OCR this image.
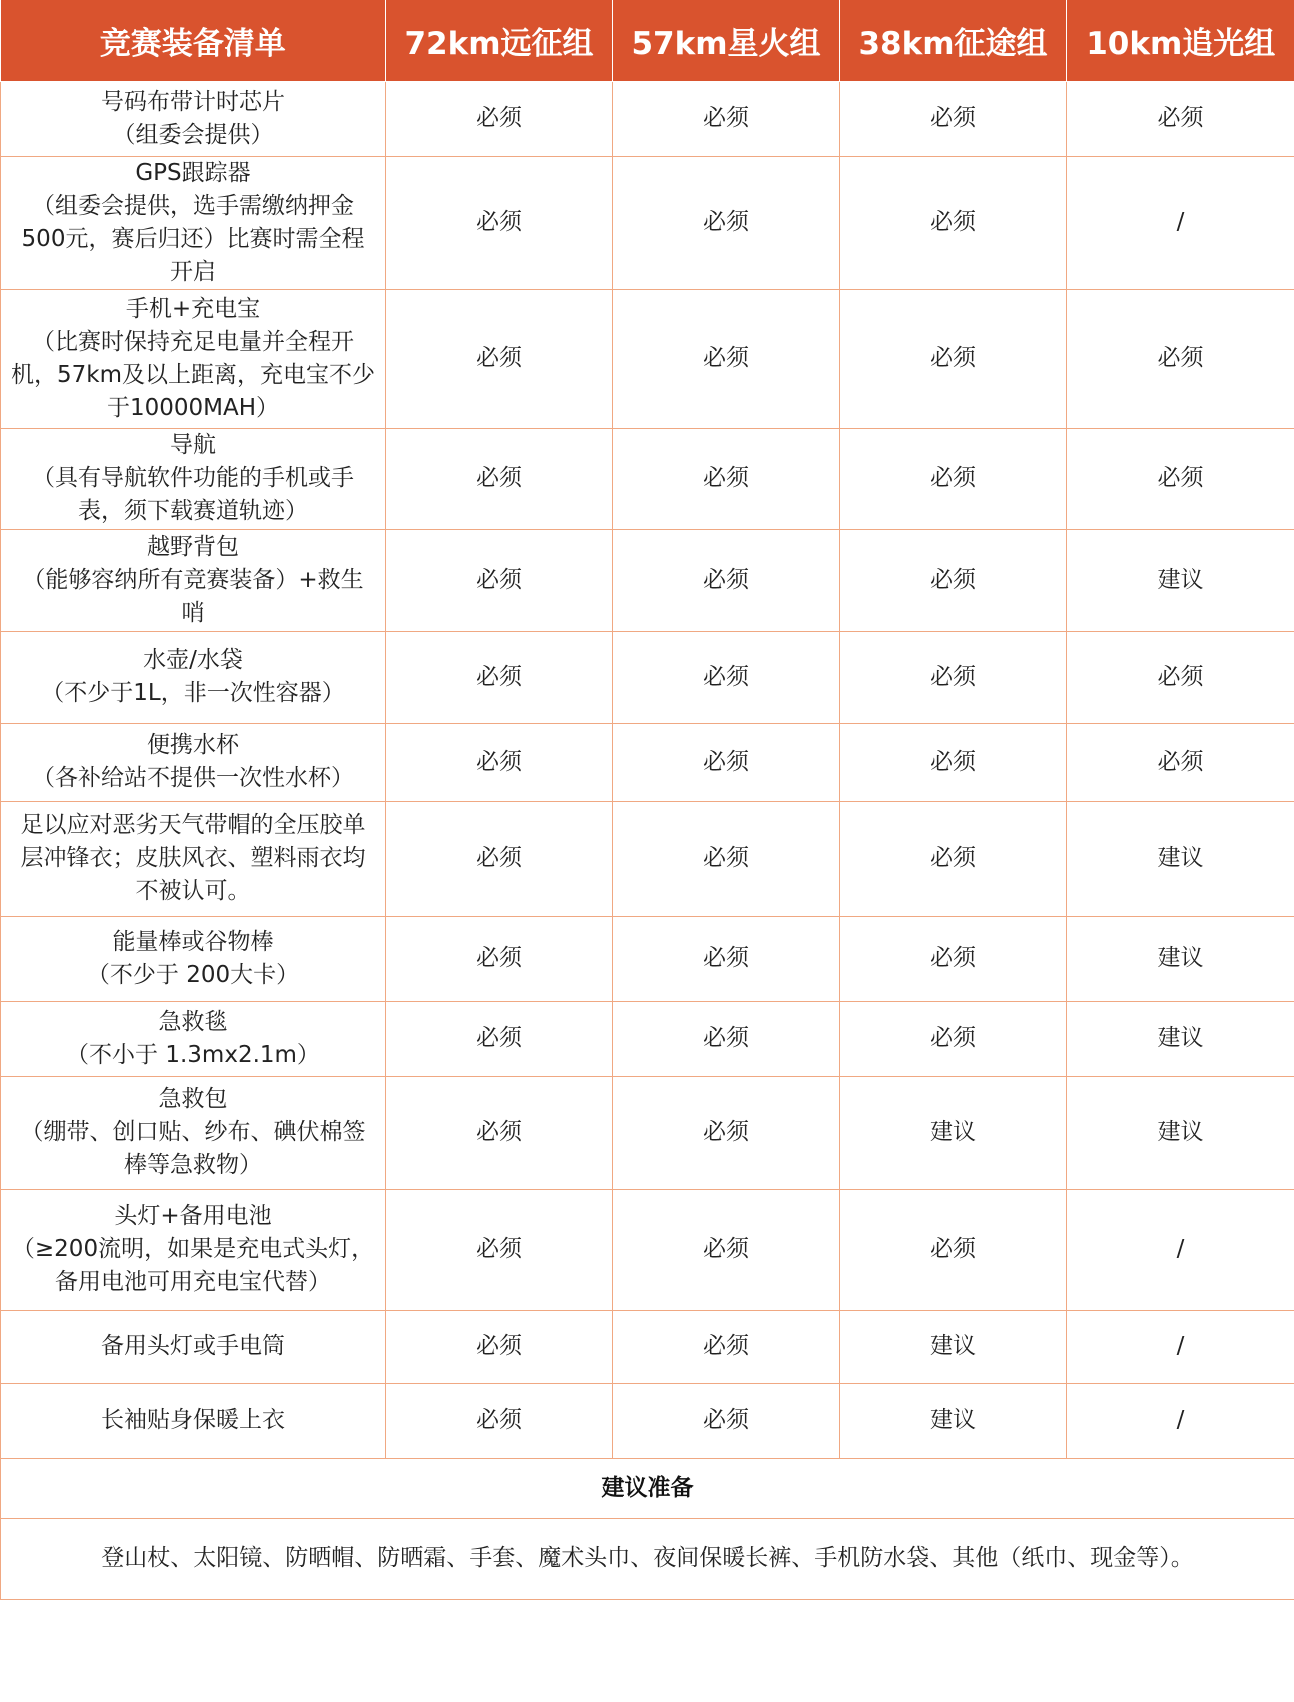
竞赛装备清单	72km远征组	57km星火组	38km征途组	10km追光组

号码布带计时芯片
（组委会提供）	必须	必须	必须	必须

GPS跟踪器
（组委会提供，选手需缴纳押金
500元，赛后归还）比赛时需全程
开启	必须	必须	必须	/

手机+充电宝
（比赛时保持充足电量并全程开
机，57km及以上距离，充电宝不少
于10000MAH）	必须	必须	必须	必须

导航
（具有导航软件功能的手机或手
表，须下载赛道轨迹）	必须	必须	必须	必须

越野背包
（能够容纳所有竞赛装备）+救生
哨	必须	必须	必须	建议

水壶/水袋
（不少于1L，非一次性容器）	必须	必须	必须	必须

便携水杯
（各补给站不提供一次性水杯）	必须	必须	必须	必须

足以应对恶劣天气带帽的全压胶单
层冲锋衣；皮肤风衣、塑料雨衣均
不被认可。	必须	必须	必须	建议

能量棒或谷物棒
（不少于 200大卡）	必须	必须	必须	建议

急救毯
（不小于 1.3mx2.1m）	必须	必须	必须	建议

急救包
（绷带、创口贴、纱布、碘伏棉签
棒等急救物）	必须	必须	建议	建议

头灯+备用电池
（≥200流明，如果是充电式头灯，
备用电池可用充电宝代替）	必须	必须	必须	/

备用头灯或手电筒	必须	必须	建议	/

长袖贴身保暖上衣	必须	必须	建议	/
建议准备				
登山杖、太阳镜、防晒帽、防晒霜、手套、魔术头巾、夜间保暖长裤、手机防水袋、其他（纸巾、现金等）。				
